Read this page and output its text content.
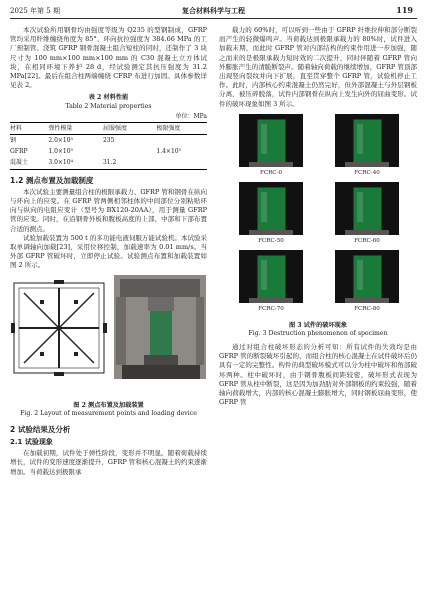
2025 年第 5 期	复合材料科学与工程	119

本次试验所用钢骨均由强度等级为 Q235 的型钢制成，GFRP 管均采用纤维缠绕角度为 85°、环向抗拉强度为 384.66 MPa 的工厂预制管。浇筑 GFRP 钢骨混凝土组合短柱的同时，还制作了 3 块尺寸为 100 mm×100 mm×100 mm 的 C30 混凝土立方体试块，在相同环境下养护 28 d，经试验测定其抗压强度为 31.2 MPa[22]。最后在组合柱两端缠绕 CFRP 布进行加固。具体参数详见表 2。

表 2 材料性能
Table 2 Material properties
单位：MPa
材料	弹性模量	屈服强度	极限强度
钢	2.0×10⁵	235	
GFRP	1.0×10⁵		1.4×10⁵
混凝土	3.0×10⁴	31.2	
1.2 测点布置及加载制度

本次试验主要测量组合柱的极限承载力、GFRP 管和钢骨在纵向与环向上的应变。在 GFRP 管两侧相邻柱体的中间部位分别粘贴环向与纵向的电阻应变计（型号为 BX120-20AA），用于测量 GFRP 管的应变。同时，在沿钢骨外板和腹板高度的上部、中部和下部布置合适的测点。

试验加载装置为 500 t 的多功能电液伺服万能试验机。本试验采取单调轴向加载[23]，采用位移控制，加载速率为 0.01 mm/s。当外部 GFRP 管破坏时，立即停止试验。试验测点布置和加载装置如图 2 所示。

图 2 测点布置及加载装置
Fig. 2 Layout of measurement points and loading device
2 试验结果及分析
2.1 试验现象

在加载初期，试件处于弹性阶段，变形并不明显。随着荷载持续增长，试件的变形速度逐渐提升，GFRP 管和核心混凝土的约束逐渐增加。当荷载达到极限承

载力的 60%时，可以听到一些由于 GFRP 纤维拉伸和部分断裂而产生的轻微爆鸣声。当荷载达到极限承载力的 80%时，试件进入加载末期，而此时 GFRP 管对内部结构的约束作用进一步加强，随之而来的是极限承载力短时效的二次提升，同时伴随着 GFRP 管向外膨胀产生的清脆断裂声。随着轴向荷载的继续增加，GFRP 管顶部出现竖向裂纹并向下扩展，直至贯穿整个 GFRP 管，试验机停止工作。此时，内部核心约束混凝土仍然完好，但外部混凝土与外层钢板分离，被压碎脱落，试件内部钢骨在纵向上发生向外的屈曲变形。试件的破坏现象如图 3 所示。

FCRC-0	FCRC-40
FCRC-50	FCRC-60
FCRC-70	FCRC-80
图 3 试件的破坏现象
Fig. 3 Destruction phenomenon of specimen

通过对组合柱破坏形态的分析可知：所有试件的失效均是由 GFRP 管的断裂破坏引起的，而组合柱的核心混凝土在试件破坏后仍具有一定的完整性。构件的典型破坏模式可以分为柱中破坏和角部破坏两种。柱中破坏时，由于钢骨腹板间距较密，破坏形式表现为 GFRP 管从柱中断裂，这是因为加劲肋对外部钢板的约束较强，随着轴向荷载增大，内部的核心混凝土膨胀增大，同时钢板屈曲变形，使 GFRP 管
